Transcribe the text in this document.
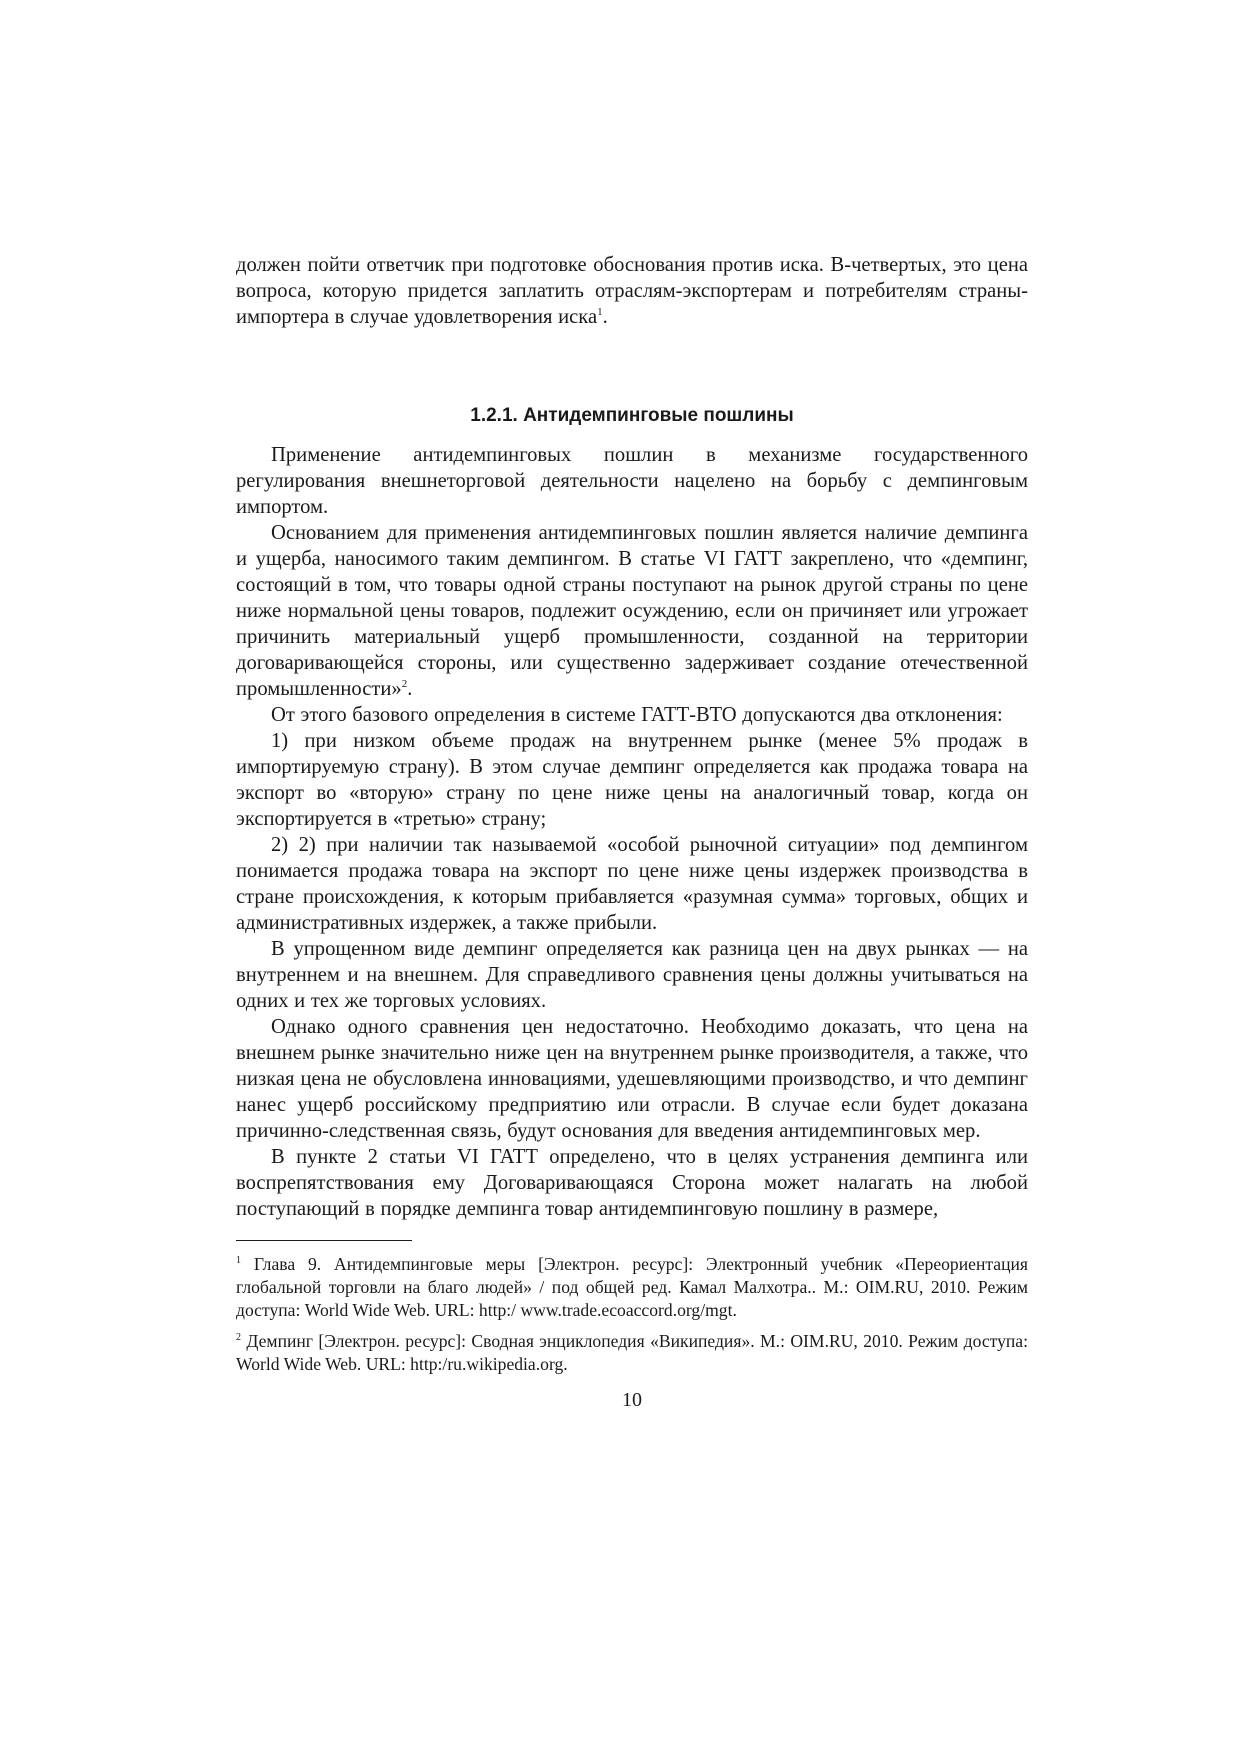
должен пойти ответчик при подготовке обоснования против иска. В-четвертых, это цена вопроса, которую придется заплатить отраслям-экспортерам и потребителям страны-импортера в случае удовлетворения иска$^1$.

1.2.1. Антидемпинговые пошлины

Применение антидемпинговых пошлин в механизме государственного регулирования внешнеторговой деятельности нацелено на борьбу с демпинговым импортом.

Основанием для применения антидемпинговых пошлин является наличие демпинга и ущерба, наносимого таким демпингом. В статье VI ГАТТ закреплено, что «демпинг, состоящий в том, что товары одной страны поступают на рынок другой страны по цене ниже нормальной цены товаров, подлежит осуждению, если он причиняет или угрожает причинить материальный ущерб промышленности, созданной на территории договаривающейся стороны, или существенно задерживает создание отечественной промышленности»$^2$.

От этого базового определения в системе ГАТТ-ВТО допускаются два отклонения:

1) при низком объеме продаж на внутреннем рынке (менее 5% продаж в импортируемую страну). В этом случае демпинг определяется как продажа товара на экспорт во «вторую» страну по цене ниже цены на аналогичный товар, когда он экспортируется в «третью» страну;

2) 2) при наличии так называемой «особой рыночной ситуации» под демпингом понимается продажа товара на экспорт по цене ниже цены издержек производства в стране происхождения, к которым прибавляется «разумная сумма» торговых, общих и административных издержек, а также прибыли.

В упрощенном виде демпинг определяется как разница цен на двух рынках — на внутреннем и на внешнем. Для справедливого сравнения цены должны учитываться на одних и тех же торговых условиях.

Однако одного сравнения цен недостаточно. Необходимо доказать, что цена на внешнем рынке значительно ниже цен на внутреннем рынке производителя, а также, что низкая цена не обусловлена инновациями, удешевляющими производство, и что демпинг нанес ущерб российскому предприятию или отрасли. В случае если будет доказана причинно-следственная связь, будут основания для введения антидемпинговых мер.

В пункте 2 статьи VI ГАТТ определено, что в целях устранения демпинга или воспрепятствования ему Договаривающаяся Сторона может налагать на любой поступающий в порядке демпинга товар антидемпинговую пошлину в размере,

$^1$ Глава 9. Антидемпинговые меры [Электрон. ресурс]: Электронный учебник «Переориентация глобальной торговли на благо людей» / под общей ред. Камал Малхотра.. М.: OIM.RU, 2010. Режим доступа: World Wide Web. URL: http:/ www.trade.ecoaccord.org/mgt.

$^2$ Демпинг [Электрон. ресурс]: Сводная энциклопедия «Википедия». М.: OIM.RU, 2010. Режим доступа: World Wide Web. URL: http:/ru.wikipedia.org.

10
